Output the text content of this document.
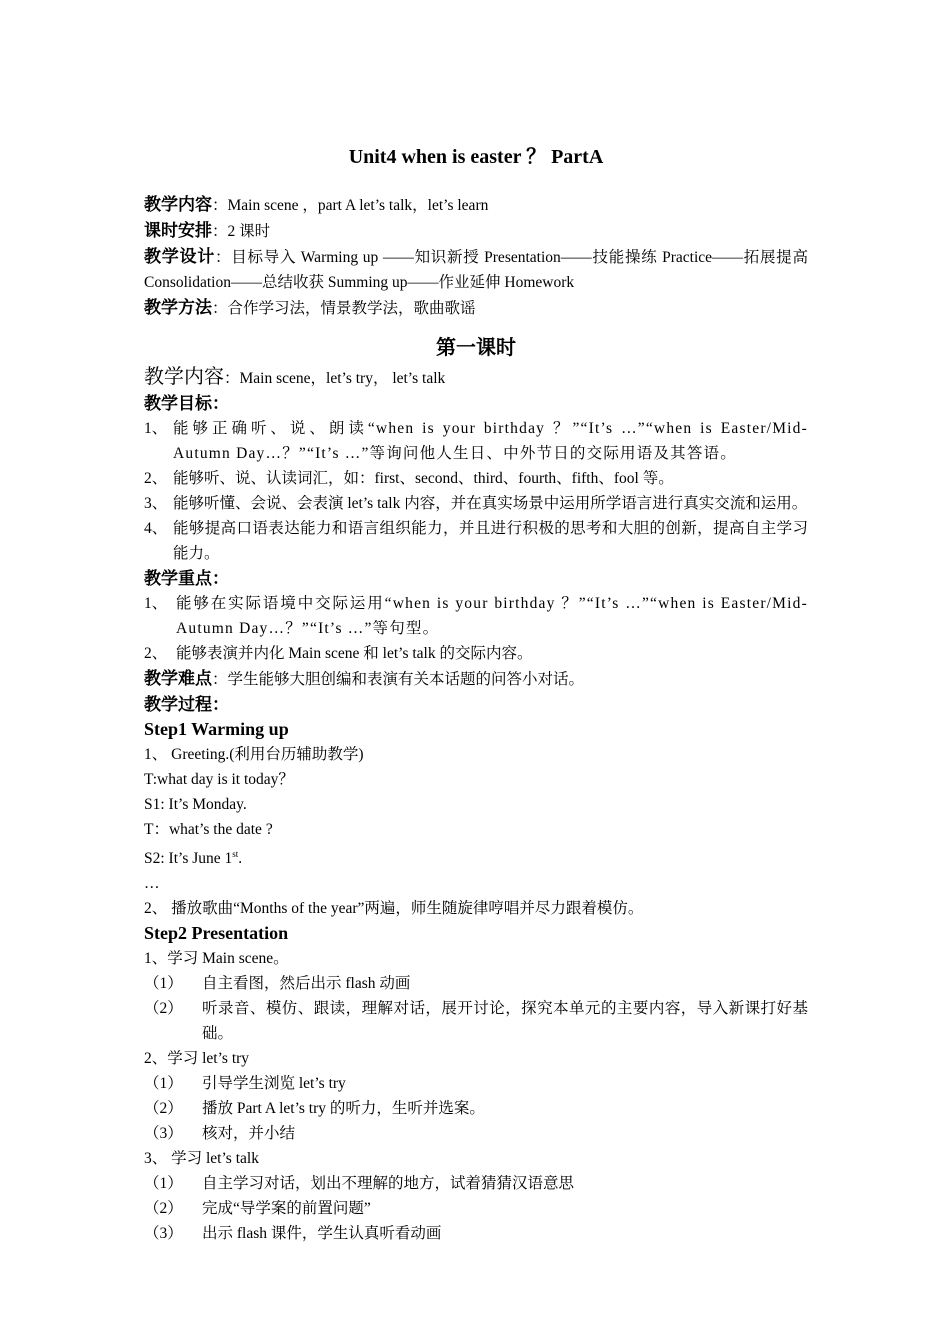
Unit4 when is easter ？ PartA

教学内容：Main scene ，part A let’s talk，let’s learn

课时安排：2 课时

教学设计：目标导入 Warming up ——知识新授 Presentation——技能操练 Practice——拓展提高 Consolidation——总结收获 Summing up——作业延伸 Homework

教学方法：合作学习法，情景教学法，歌曲歌谣

第一课时

教学内容：Main scene，let’s try， let’s talk

教学目标：

1、 能够正确听、说、朗读“when is your birthday ？”“It’s …”“when is Easter/Mid-Autumn Day…？”“It’s …”等询问他人生日、中外节日的交际用语及其答语。
2、 能够听、说、认读词汇，如：first、second、third、fourth、fifth、fool 等。
3、 能够听懂、会说、会表演 let’s talk 内容，并在真实场景中运用所学语言进行真实交流和运用。
4、 能够提高口语表达能力和语言组织能力，并且进行积极的思考和大胆的创新，提高自主学习能力。

教学重点：

1、 能够在实际语境中交际运用“when is your birthday ？”“It’s …”“when is Easter/Mid-Autumn Day…？”“It’s …”等句型。
2、 能够表演并内化 Main scene 和 let’s talk 的交际内容。

教学难点：学生能够大胆创编和表演有关本话题的问答小对话。

教学过程：

Step1 Warming up

1、 Greeting.(利用台历辅助教学)

T:what day is it today？

S1: It’s Monday.

T：what’s the date ?

S2: It’s June 1st.

…

2、 播放歌曲“Months of the year”两遍，师生随旋律哼唱并尽力跟着模仿。

Step2 Presentation

1、学习 Main scene。

（1）	自主看图，然后出示 flash 动画
（2）	听录音、模仿、跟读，理解对话，展开讨论，探究本单元的主要内容，导入新课打好基础。

2、学习 let’s try

（1）	引导学生浏览 let’s try
（2）	播放 Part A let’s try 的听力，生听并选案。
（3）	核对，并小结

3、 学习 let’s talk

（1）	自主学习对话，划出不理解的地方，试着猜猜汉语意思
（2）	完成“导学案的前置问题”
（3）	出示 flash 课件，学生认真听看动画
